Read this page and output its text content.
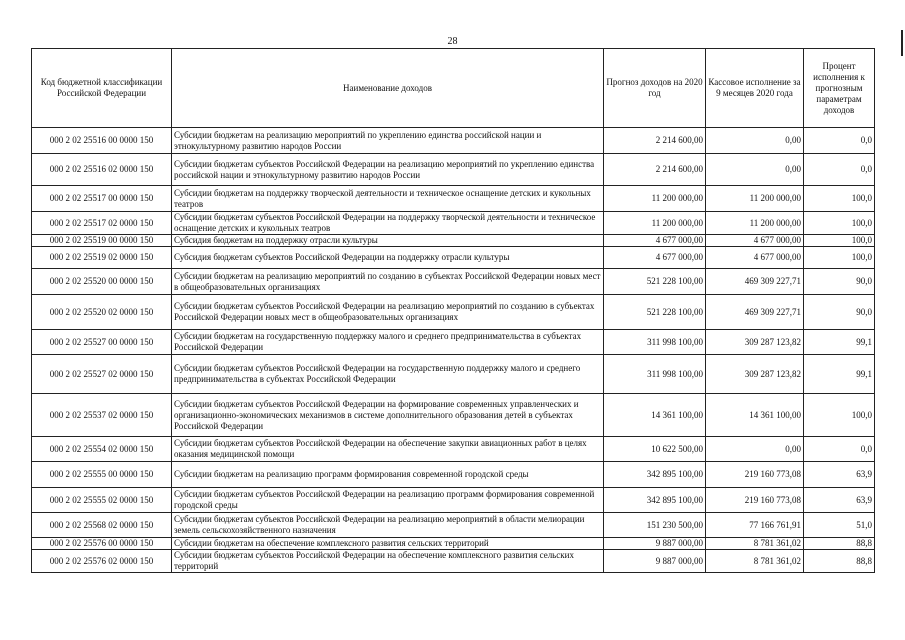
28
Код бюджетной классификации Российской Федерации	Наименование доходов	Прогноз доходов на 2020 год	Кассовое исполнение за 9 месяцев 2020 года	Процент исполнения к прогнозным параметрам доходов
000 2 02 25516 00 0000 150	Субсидии бюджетам на реализацию мероприятий по укреплению единства российской нации и этнокультурному развитию народов России	2 214 600,00	0,00	0,0
000 2 02 25516 02 0000 150	Субсидии бюджетам субъектов Российской Федерации на реализацию мероприятий по укреплению единства российской нации и этнокультурному развитию народов России	2 214 600,00	0,00	0,0
000 2 02 25517 00 0000 150	Субсидии бюджетам на поддержку творческой деятельности и техническое оснащение детских и кукольных театров	11 200 000,00	11 200 000,00	100,0
000 2 02 25517 02 0000 150	Субсидии бюджетам субъектов Российской Федерации на поддержку творческой деятельности и техническое оснащение детских и кукольных театров	11 200 000,00	11 200 000,00	100,0
000 2 02 25519 00 0000 150	Субсидия бюджетам на поддержку отрасли культуры	4 677 000,00	4 677 000,00	100,0
000 2 02 25519 02 0000 150	Субсидия бюджетам субъектов Российской Федерации на поддержку отрасли культуры	4 677 000,00	4 677 000,00	100,0
000 2 02 25520 00 0000 150	Субсидии бюджетам на реализацию мероприятий по созданию в субъектах Российской Федерации новых мест в общеобразовательных организациях	521 228 100,00	469 309 227,71	90,0
000 2 02 25520 02 0000 150	Субсидии бюджетам субъектов Российской Федерации на реализацию мероприятий по созданию в субъектах Российской Федерации новых мест в общеобразовательных организациях	521 228 100,00	469 309 227,71	90,0
000 2 02 25527 00 0000 150	Субсидии бюджетам на государственную поддержку малого и среднего предпринимательства в субъектах Российской Федерации	311 998 100,00	309 287 123,82	99,1
000 2 02 25527 02 0000 150	Субсидии бюджетам субъектов Российской Федерации на государственную поддержку малого и среднего предпринимательства в субъектах Российской Федерации	311 998 100,00	309 287 123,82	99,1
000 2 02 25537 02 0000 150	Субсидии бюджетам субъектов Российской Федерации на формирование современных управленческих и организационно-экономических механизмов в системе дополнительного образования детей в субъектах Российской Федерации	14 361 100,00	14 361 100,00	100,0
000 2 02 25554 02 0000 150	Субсидии бюджетам субъектов Российской Федерации на обеспечение закупки авиационных работ в целях оказания медицинской помощи	10 622 500,00	0,00	0,0
000 2 02 25555 00 0000 150	Субсидии бюджетам на реализацию программ формирования современной городской среды	342 895 100,00	219 160 773,08	63,9
000 2 02 25555 02 0000 150	Субсидии бюджетам субъектов Российской Федерации на реализацию программ формирования современной городской среды	342 895 100,00	219 160 773,08	63,9
000 2 02 25568 02 0000 150	Субсидии бюджетам субъектов Российской Федерации на реализацию мероприятий в области мелиорации земель сельскохозяйственного назначения	151 230 500,00	77 166 761,91	51,0
000 2 02 25576 00 0000 150	Субсидии бюджетам на обеспечение комплексного развития сельских территорий	9 887 000,00	8 781 361,02	88,8
000 2 02 25576 02 0000 150	Субсидии бюджетам субъектов Российской Федерации на обеспечение комплексного развития сельских территорий	9 887 000,00	8 781 361,02	88,8
